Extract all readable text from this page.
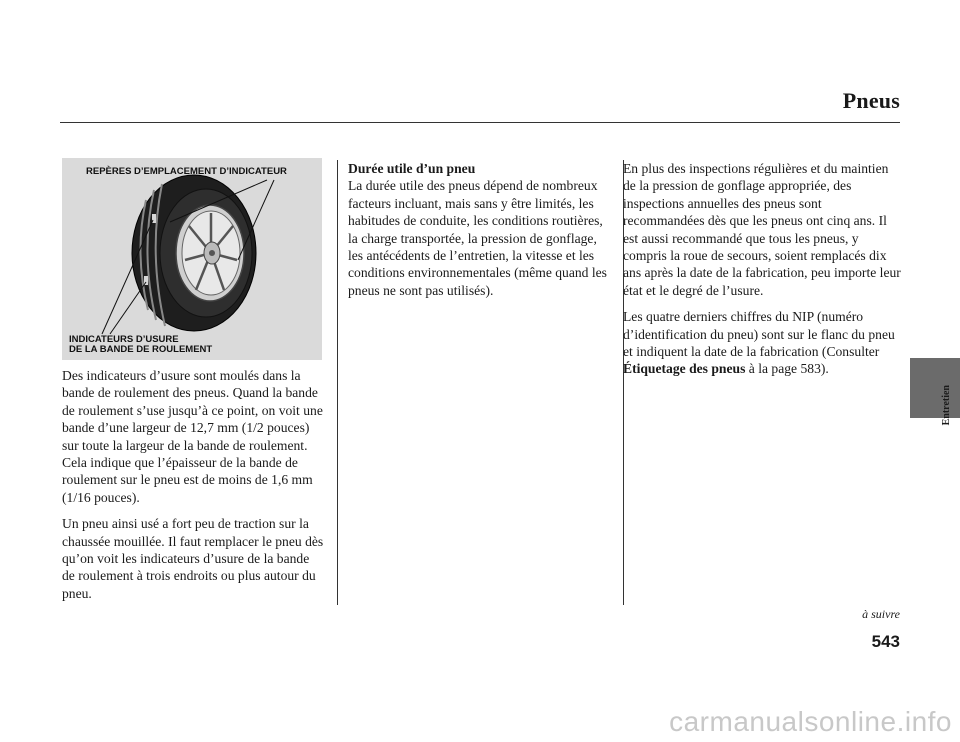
Pneus
REPÈRES D’EMPLACEMENT D’INDICATEUR
INDICATEURS D’USURE
DE LA BANDE DE ROULEMENT

Des indicateurs d’usure sont moulés dans la bande de roulement des pneus. Quand la bande de roulement s’use jusqu’à ce point, on voit une bande d’une largeur de 12,7 mm (1/2 pouces) sur toute la largeur de la bande de roulement. Cela indique que l’épaisseur de la bande de roulement sur le pneu est de moins de 1,6 mm (1/16 pouces).

Un pneu ainsi usé a fort peu de traction sur la chaussée mouillée. Il faut remplacer le pneu dès qu’on voit les indicateurs d’usure de la bande de roulement à trois endroits ou plus autour du pneu.

Durée utile d’un pneu
La durée utile des pneus dépend de nombreux facteurs incluant, mais sans y être limités, les habitudes de conduite, les conditions routières, la charge transportée, la pression de gonflage, les antécédents de l’entretien, la vitesse et les conditions environnementales (même quand les pneus ne sont pas utilisés).

En plus des inspections régulières et du maintien de la pression de gonflage appropriée, des inspections annuelles des pneus sont recommandées dès que les pneus ont cinq ans. Il est aussi recommandé que tous les pneus, y compris la roue de secours, soient remplacés dix ans après la date de la fabrication, peu importe leur état et le degré de l’usure.

Les quatre derniers chiffres du NIP (numéro d’identification du pneu) sont sur le flanc du pneu et indiquent la date de la fabrication (Consulter Étiquetage des pneus à la page 583).

Entretien
à suivre
543
carmanualsonline.info
